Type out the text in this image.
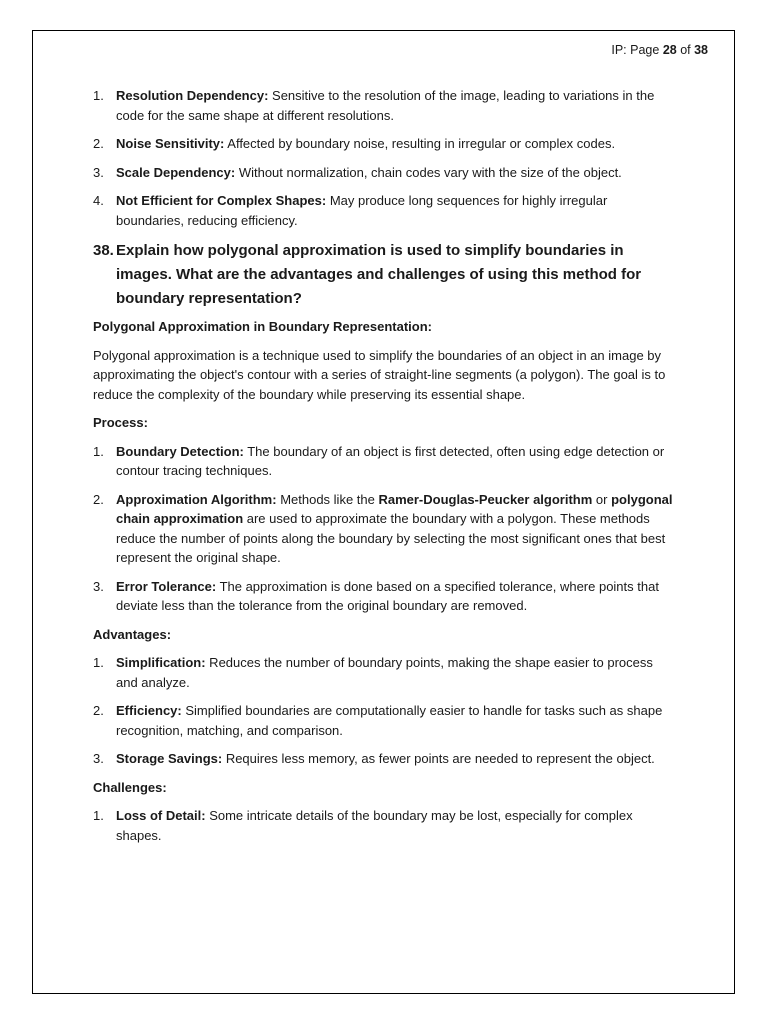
IP: Page 28 of 38
1. Resolution Dependency: Sensitive to the resolution of the image, leading to variations in the code for the same shape at different resolutions.
2. Noise Sensitivity: Affected by boundary noise, resulting in irregular or complex codes.
3. Scale Dependency: Without normalization, chain codes vary with the size of the object.
4. Not Efficient for Complex Shapes: May produce long sequences for highly irregular boundaries, reducing efficiency.
38. Explain how polygonal approximation is used to simplify boundaries in images. What are the advantages and challenges of using this method for boundary representation?
Polygonal Approximation in Boundary Representation:
Polygonal approximation is a technique used to simplify the boundaries of an object in an image by approximating the object's contour with a series of straight-line segments (a polygon). The goal is to reduce the complexity of the boundary while preserving its essential shape.
Process:
1. Boundary Detection: The boundary of an object is first detected, often using edge detection or contour tracing techniques.
2. Approximation Algorithm: Methods like the Ramer-Douglas-Peucker algorithm or polygonal chain approximation are used to approximate the boundary with a polygon. These methods reduce the number of points along the boundary by selecting the most significant ones that best represent the original shape.
3. Error Tolerance: The approximation is done based on a specified tolerance, where points that deviate less than the tolerance from the original boundary are removed.
Advantages:
1. Simplification: Reduces the number of boundary points, making the shape easier to process and analyze.
2. Efficiency: Simplified boundaries are computationally easier to handle for tasks such as shape recognition, matching, and comparison.
3. Storage Savings: Requires less memory, as fewer points are needed to represent the object.
Challenges:
1. Loss of Detail: Some intricate details of the boundary may be lost, especially for complex shapes.
